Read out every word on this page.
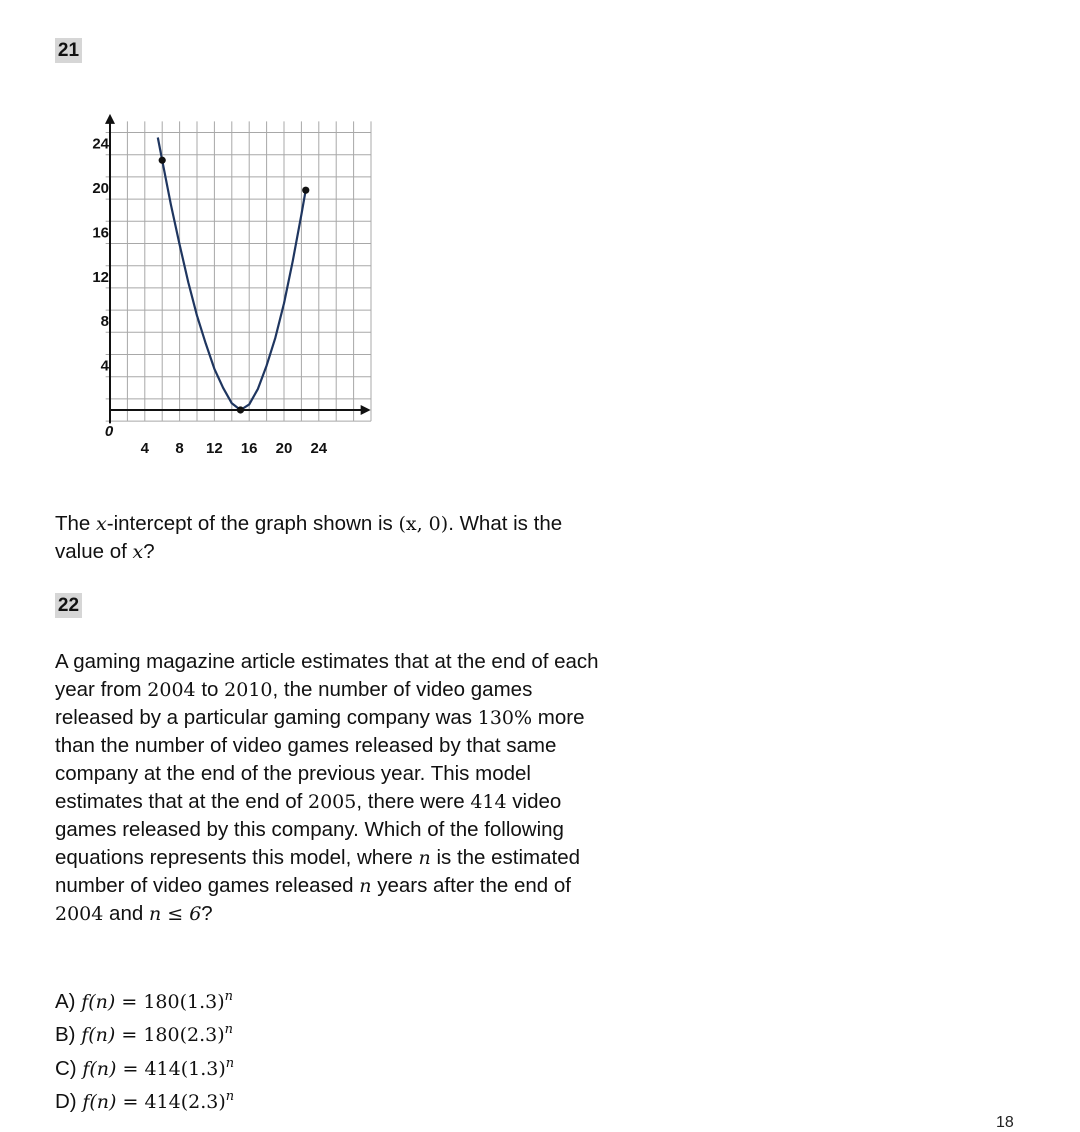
21
4 8 12 16 20 24
4
8
12
16
20
24
0

The x-intercept of the graph shown is (x, 0). What is the value of x?

22

A gaming magazine article estimates that at the end of each year from 2004 to 2010, the number of video games released by a particular gaming company was 130% more than the number of video games released by that same company at the end of the previous year. This model estimates that at the end of 2005, there were 414 video games released by this company. Which of the following equations represents this model, where n is the estimated number of video games released n years after the end of 2004 and n ≤ 6?

A) $f(n) = 180(1.3)^n$
B) $f(n) = 180(2.3)^n$
C) $f(n) = 414(1.3)^n$
D) $f(n) = 414(2.3)^n$
18
